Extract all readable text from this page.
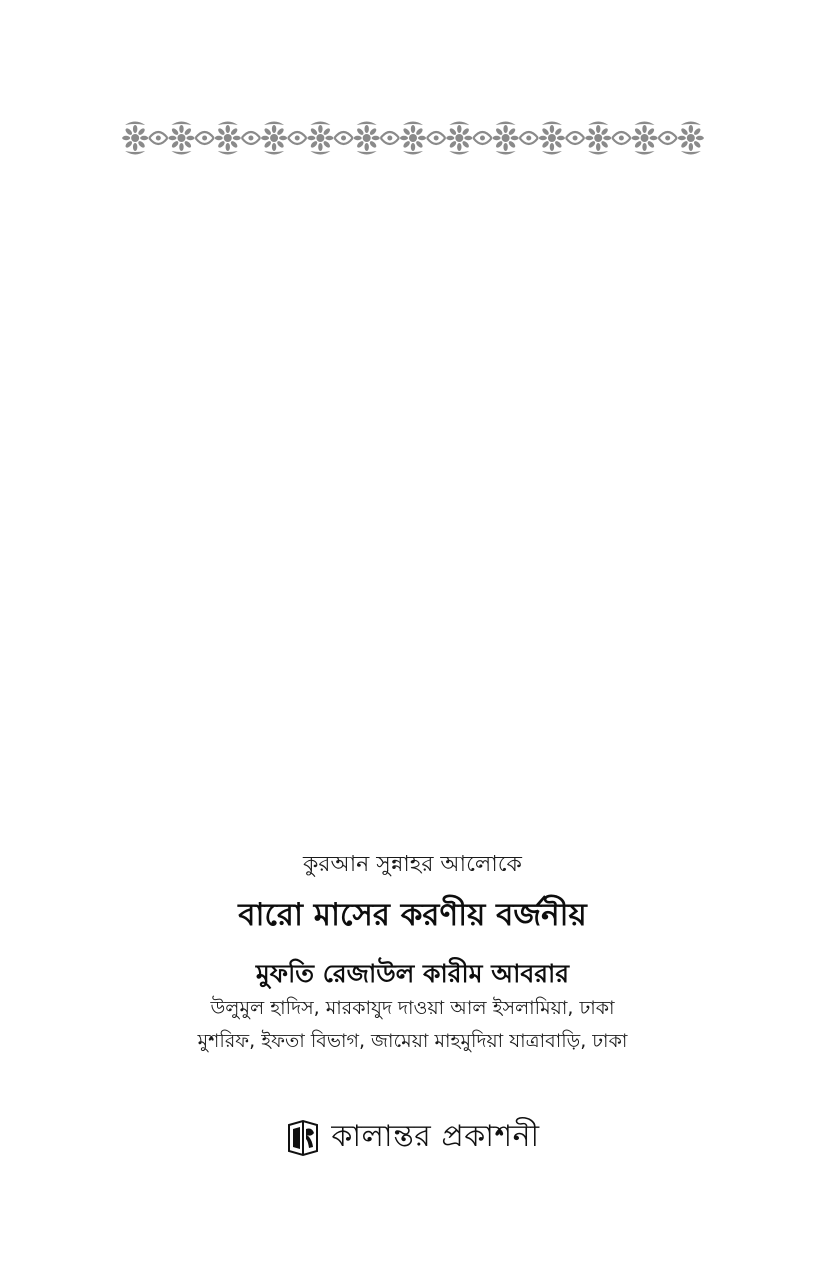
কুরআন সুন্নাহর আলোকে
বারো মাসের করণীয় বর্জনীয়
মুফতি রেজাউল কারীম আবরার
উলুমুল হাদিস, মারকাযুদ দাওয়া আল ইসলামিয়া, ঢাকা
মুশরিফ, ইফতা বিভাগ, জামেয়া মাহমুদিয়া যাত্রাবাড়ি, ঢাকা
কালান্তর প্রকাশনী
